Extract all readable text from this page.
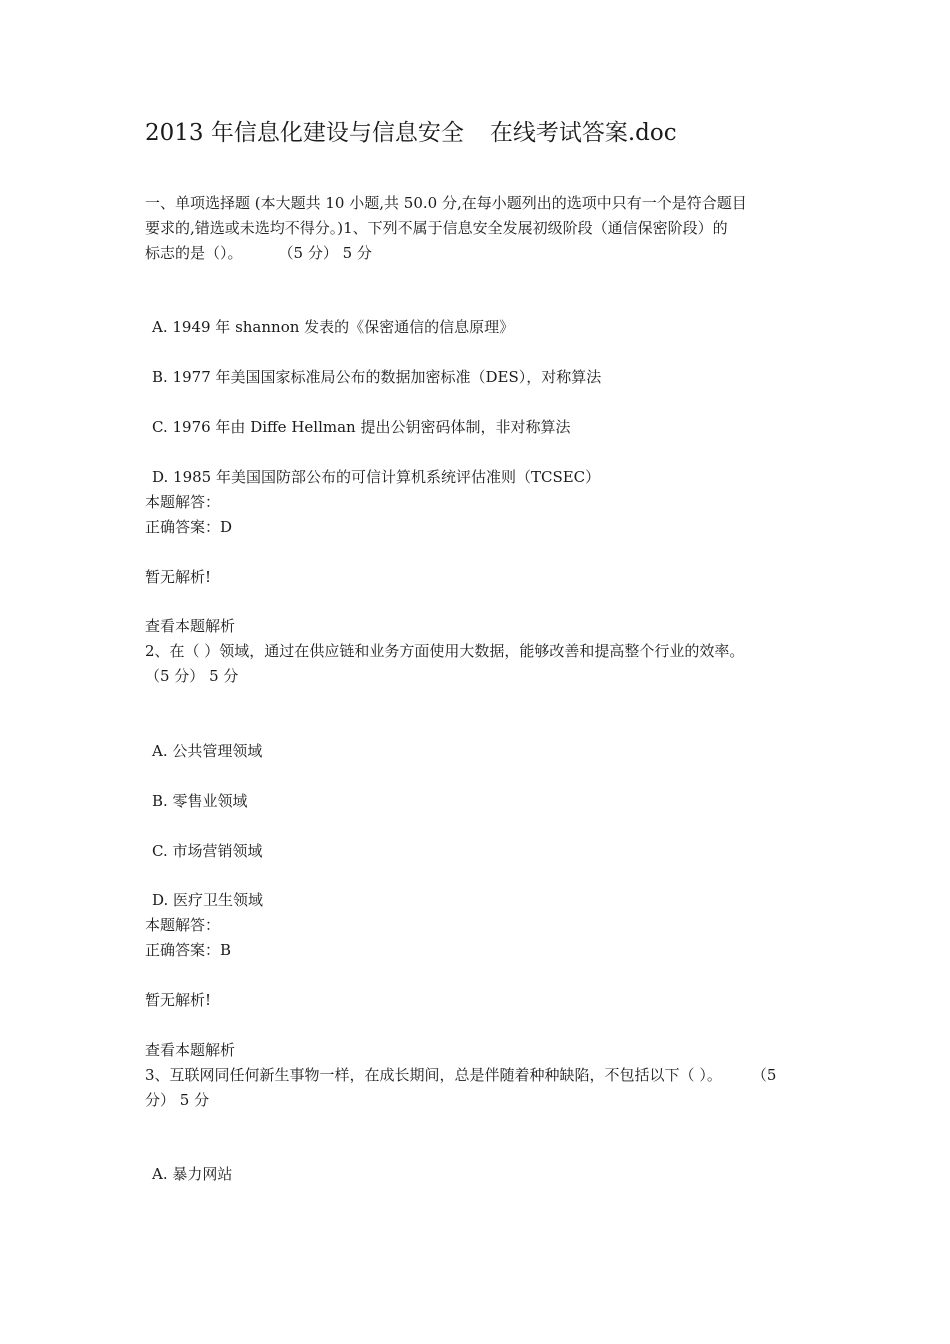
2013 年信息化建设与信息安全 在线考试答案.doc
一、单项选择题 (本大题共 10 小题,共 50.0 分,在每小题列出的选项中只有一个是符合题目
要求的,错选或未选均不得分。)1、下列不属于信息安全发展初级阶段（通信保密阶段）的
标志的是（）。 （5 分） 5 分
A. 1949 年 shannon 发表的《保密通信的信息原理》
B. 1977 年美国国家标准局公布的数据加密标准（DES），对称算法
C. 1976 年由 Diffe Hellman 提出公钥密码体制，非对称算法
D. 1985 年美国国防部公布的可信计算机系统评估准则（TCSEC）
本题解答：
正确答案：D
暂无解析!
查看本题解析
2、在（ ）领域，通过在供应链和业务方面使用大数据，能够改善和提高整个行业的效率。
（5 分） 5 分
A. 公共管理领域
B. 零售业领域
C. 市场营销领域
D. 医疗卫生领域
本题解答：
正确答案：B
暂无解析!
查看本题解析
3、互联网同任何新生事物一样，在成长期间，总是伴随着种种缺陷，不包括以下（ ）。 （5
分） 5 分
A. 暴力网站
